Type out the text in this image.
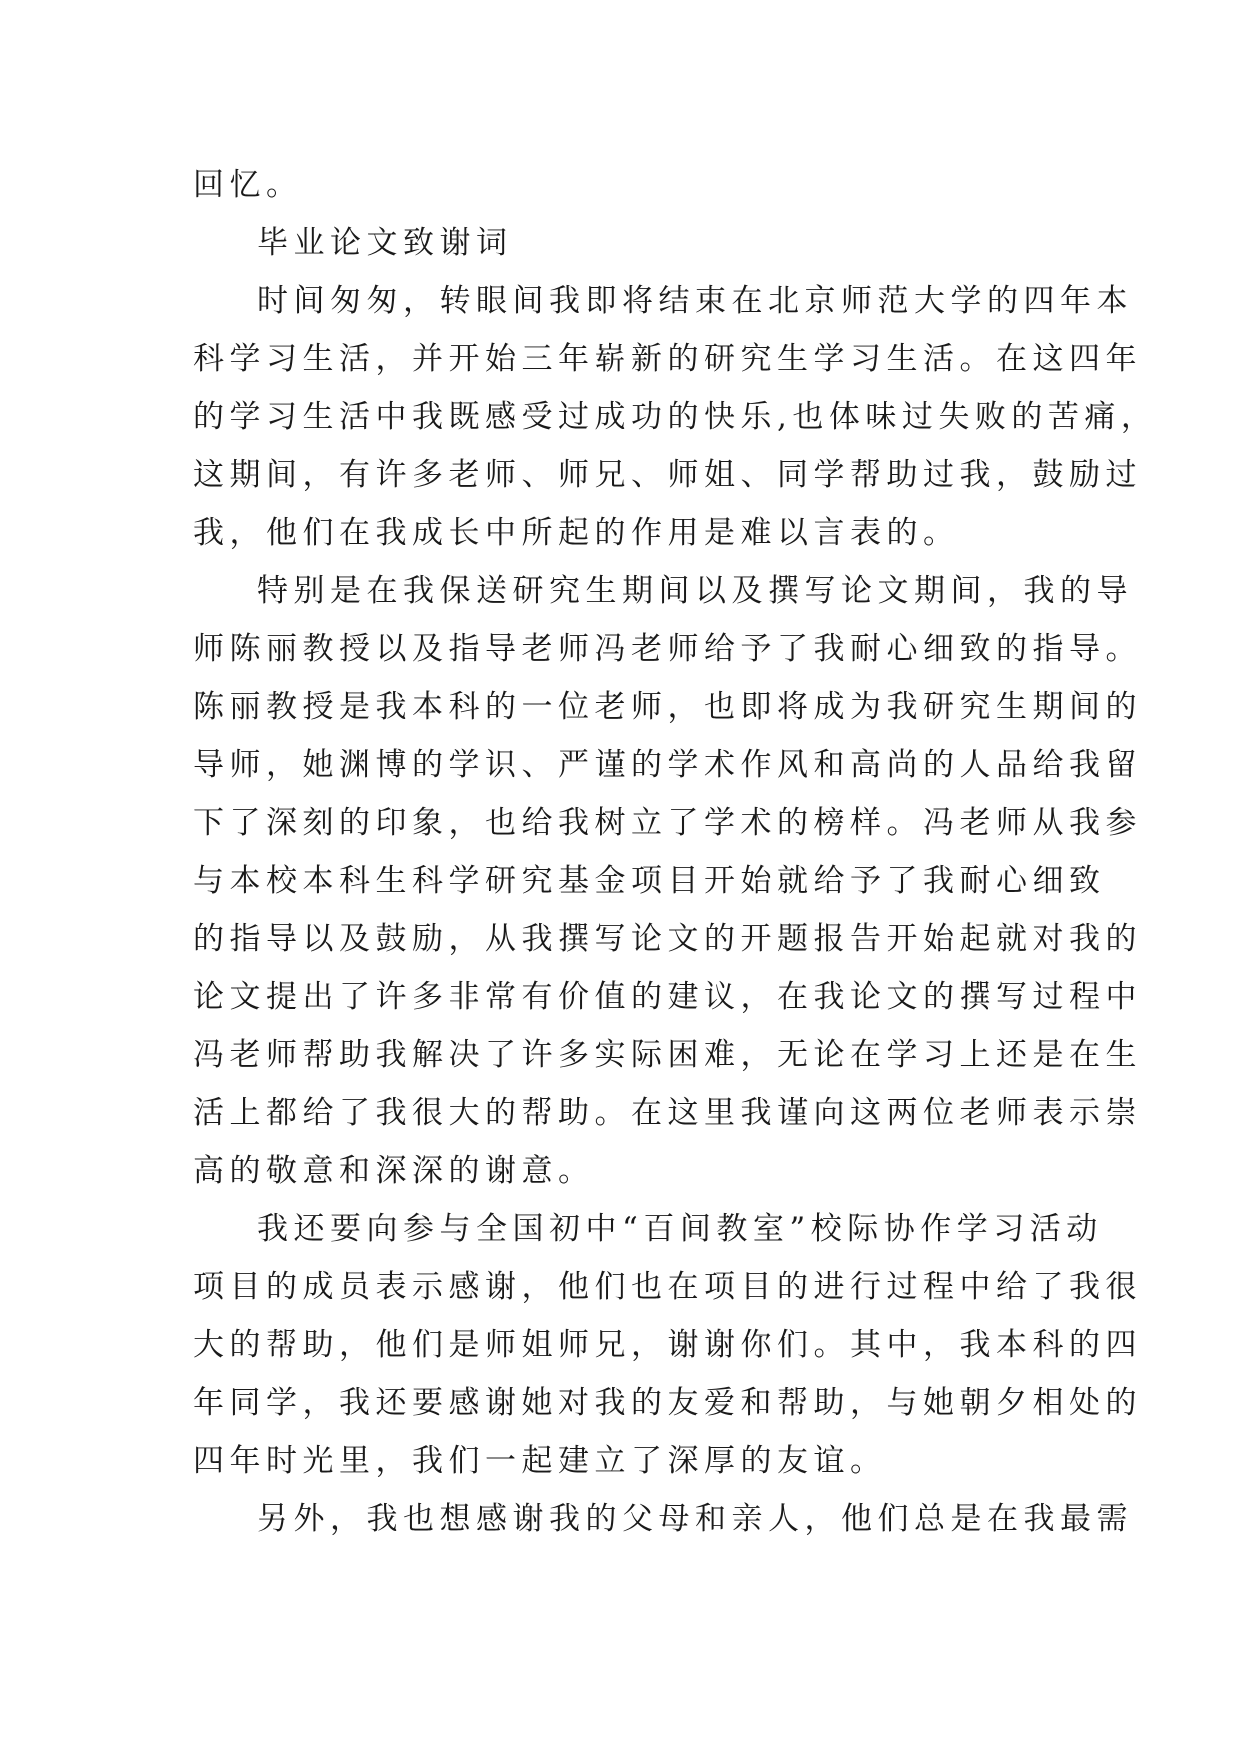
回忆。
毕业论文致谢词
时间匆匆，转眼间我即将结束在北京师范大学的四年本
科学习生活，并开始三年崭新的研究生学习生活。在这四年
的学习生活中我既感受过成功的快乐,也体味过失败的苦痛，
这期间，有许多老师、师兄、师姐、同学帮助过我，鼓励过
我，他们在我成长中所起的作用是难以言表的。
特别是在我保送研究生期间以及撰写论文期间，我的导
师陈丽教授以及指导老师冯老师给予了我耐心细致的指导。
陈丽教授是我本科的一位老师，也即将成为我研究生期间的
导师，她渊博的学识、严谨的学术作风和高尚的人品给我留
下了深刻的印象，也给我树立了学术的榜样。冯老师从我参
与本校本科生科学研究基金项目开始就给予了我耐心细致
的指导以及鼓励，从我撰写论文的开题报告开始起就对我的
论文提出了许多非常有价值的建议，在我论文的撰写过程中
冯老师帮助我解决了许多实际困难，无论在学习上还是在生
活上都给了我很大的帮助。在这里我谨向这两位老师表示崇
高的敬意和深深的谢意。
我还要向参与全国初中“百间教室”校际协作学习活动
项目的成员表示感谢，他们也在项目的进行过程中给了我很
大的帮助，他们是师姐师兄，谢谢你们。其中，我本科的四
年同学，我还要感谢她对我的友爱和帮助，与她朝夕相处的
四年时光里，我们一起建立了深厚的友谊。
另外，我也想感谢我的父母和亲人，他们总是在我最需
